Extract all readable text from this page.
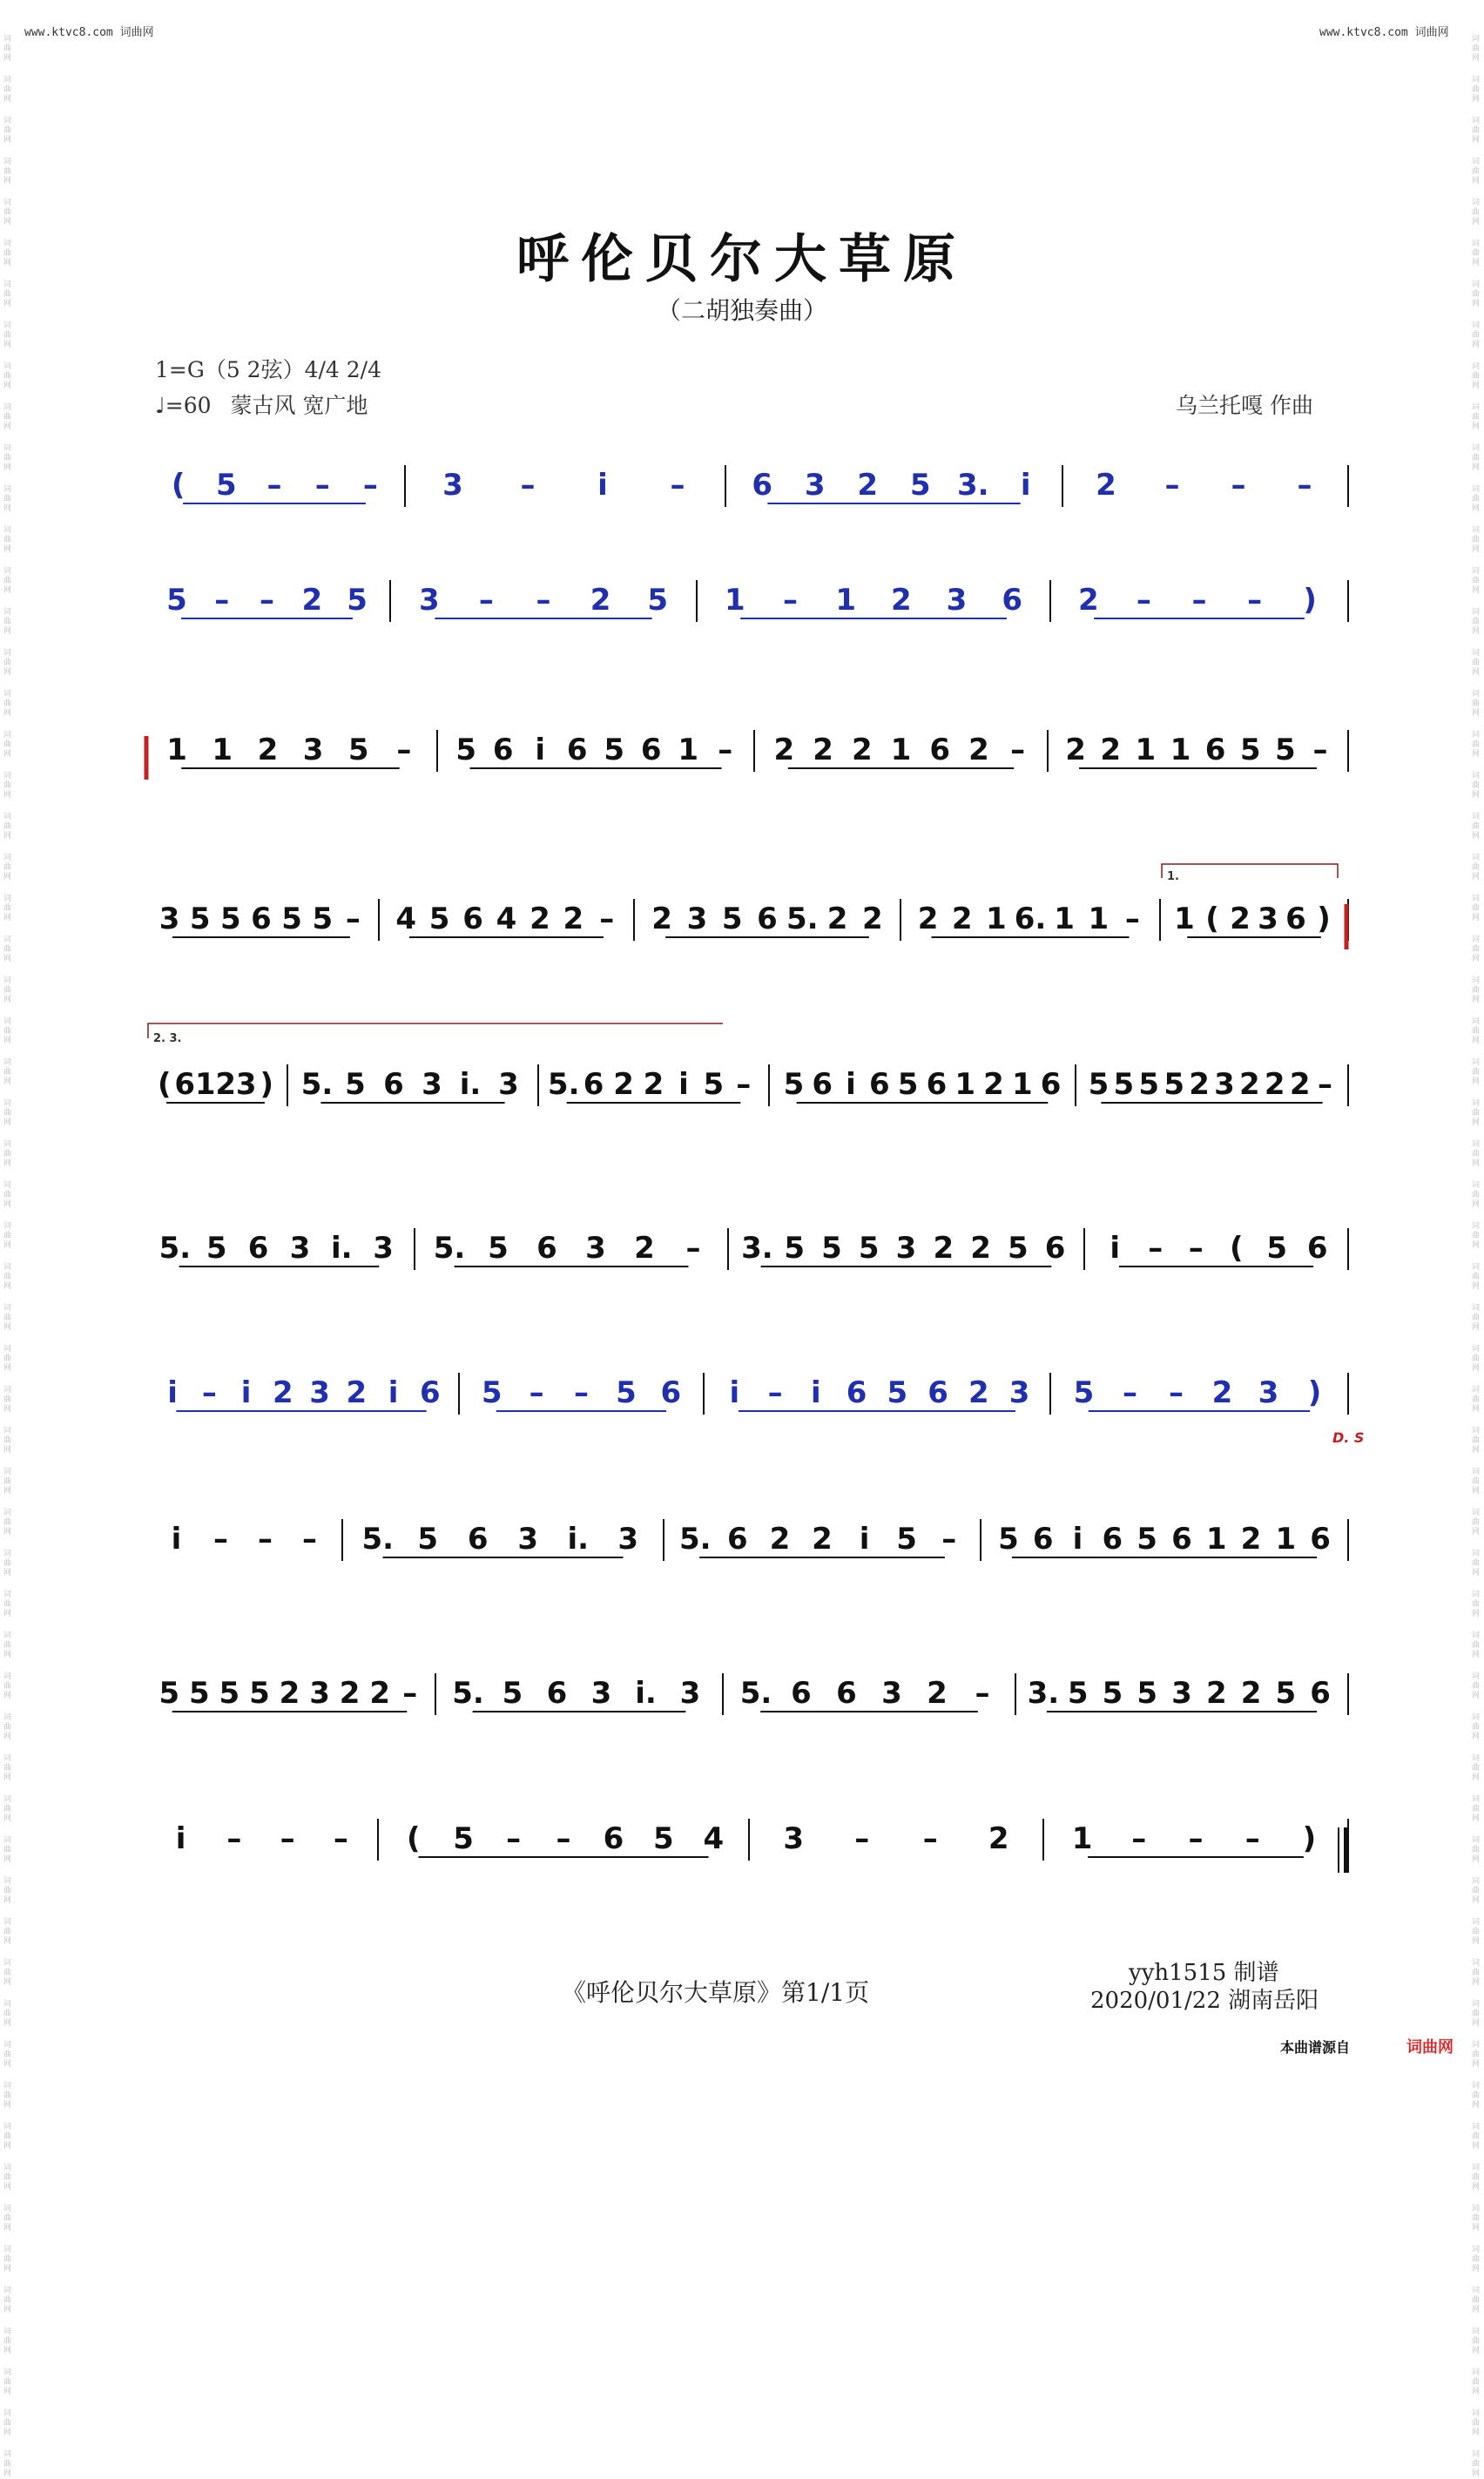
www.ktvc8.com 词曲网	www.ktvc8.com 词曲网
词曲网
词曲网
词曲网
词曲网
词曲网
词曲网
词曲网
词曲网
词曲网
词曲网
词曲网
词曲网
词曲网
词曲网
词曲网
词曲网
词曲网
词曲网
词曲网
词曲网
词曲网
词曲网
词曲网
词曲网
词曲网
词曲网
词曲网
词曲网
词曲网
词曲网
词曲网
词曲网
词曲网
词曲网
词曲网
词曲网
词曲网
词曲网
词曲网
词曲网
词曲网
词曲网
词曲网
词曲网
词曲网
词曲网
词曲网
词曲网
词曲网
词曲网
词曲网
词曲网
词曲网
词曲网
词曲网
词曲网
词曲网
词曲网
词曲网
词曲网
词曲网
词曲网
词曲网
词曲网
词曲网
词曲网
词曲网
词曲网
词曲网
词曲网
词曲网
词曲网
词曲网
词曲网
词曲网
词曲网
词曲网
词曲网
词曲网
词曲网
词曲网
词曲网
词曲网
词曲网
词曲网
词曲网
词曲网
词曲网
词曲网
词曲网
词曲网
词曲网
词曲网
词曲网
词曲网
词曲网
词曲网
词曲网
词曲网
词曲网
词曲网
词曲网
词曲网
词曲网
词曲网
词曲网
词曲网
词曲网
词曲网
词曲网
词曲网
词曲网
词曲网
词曲网
词曲网
词曲网
词曲网
词曲网
词曲网
词曲网
呼伦贝尔大草原
（二胡独奏曲）
1=G（5 2弦）4/4 2/4
♩=60 蒙古风 宽广地	乌兰托嘎 作曲
( 5 – – – 3 – i – 6 3 2 5 3. i 2 – – –
5 – – 2 5 3 – – 2 5 1 – 1 2 3 6 2 – – – )
1 1 2 3 5 – 5 6 i 6 5 6 1 – 2 2 2 1 6 2 – 2 2 1 1 6 5 5 –
3 5 5 6 5 5 – 4 5 6 4 2 2 – 2 3 5 6 5. 2 2 2 2 1 6. 1 1 – 1 ( 2 3 6 )
( 6 1 2 3 ) 5. 5 6 3 i. 3 5. 6 2 2 i 5 – 5 6 i 6 5 6 1 2 1 6 5 5 5 5 2 3 2 2 2 –
5. 5 6 3 i. 3 5. 5 6 3 2 – 3. 5 5 5 3 2 2 5 6 i – – ( 5 6
i – i 2 3 2 i 6 5 – – 5 6 i – i 6 5 6 2 3 5 – – 2 3 )
i – – – 5. 5 6 3 i. 3 5. 6 2 2 i 5 – 5 6 i 6 5 6 1 2 1 6
5 5 5 5 2 3 2 2 – 5. 5 6 3 i. 3 5. 6 6 3 2 – 3. 5 5 5 3 2 2 5 6
i – – – ( 5 – – 6 5 4 3 – – 2 1 – – – )
1.
2. 3.
D. S
《呼伦贝尔大草原》第1/1页
yyh1515 制谱
2020/01/22 湖南岳阳
本曲谱源自	词曲网
